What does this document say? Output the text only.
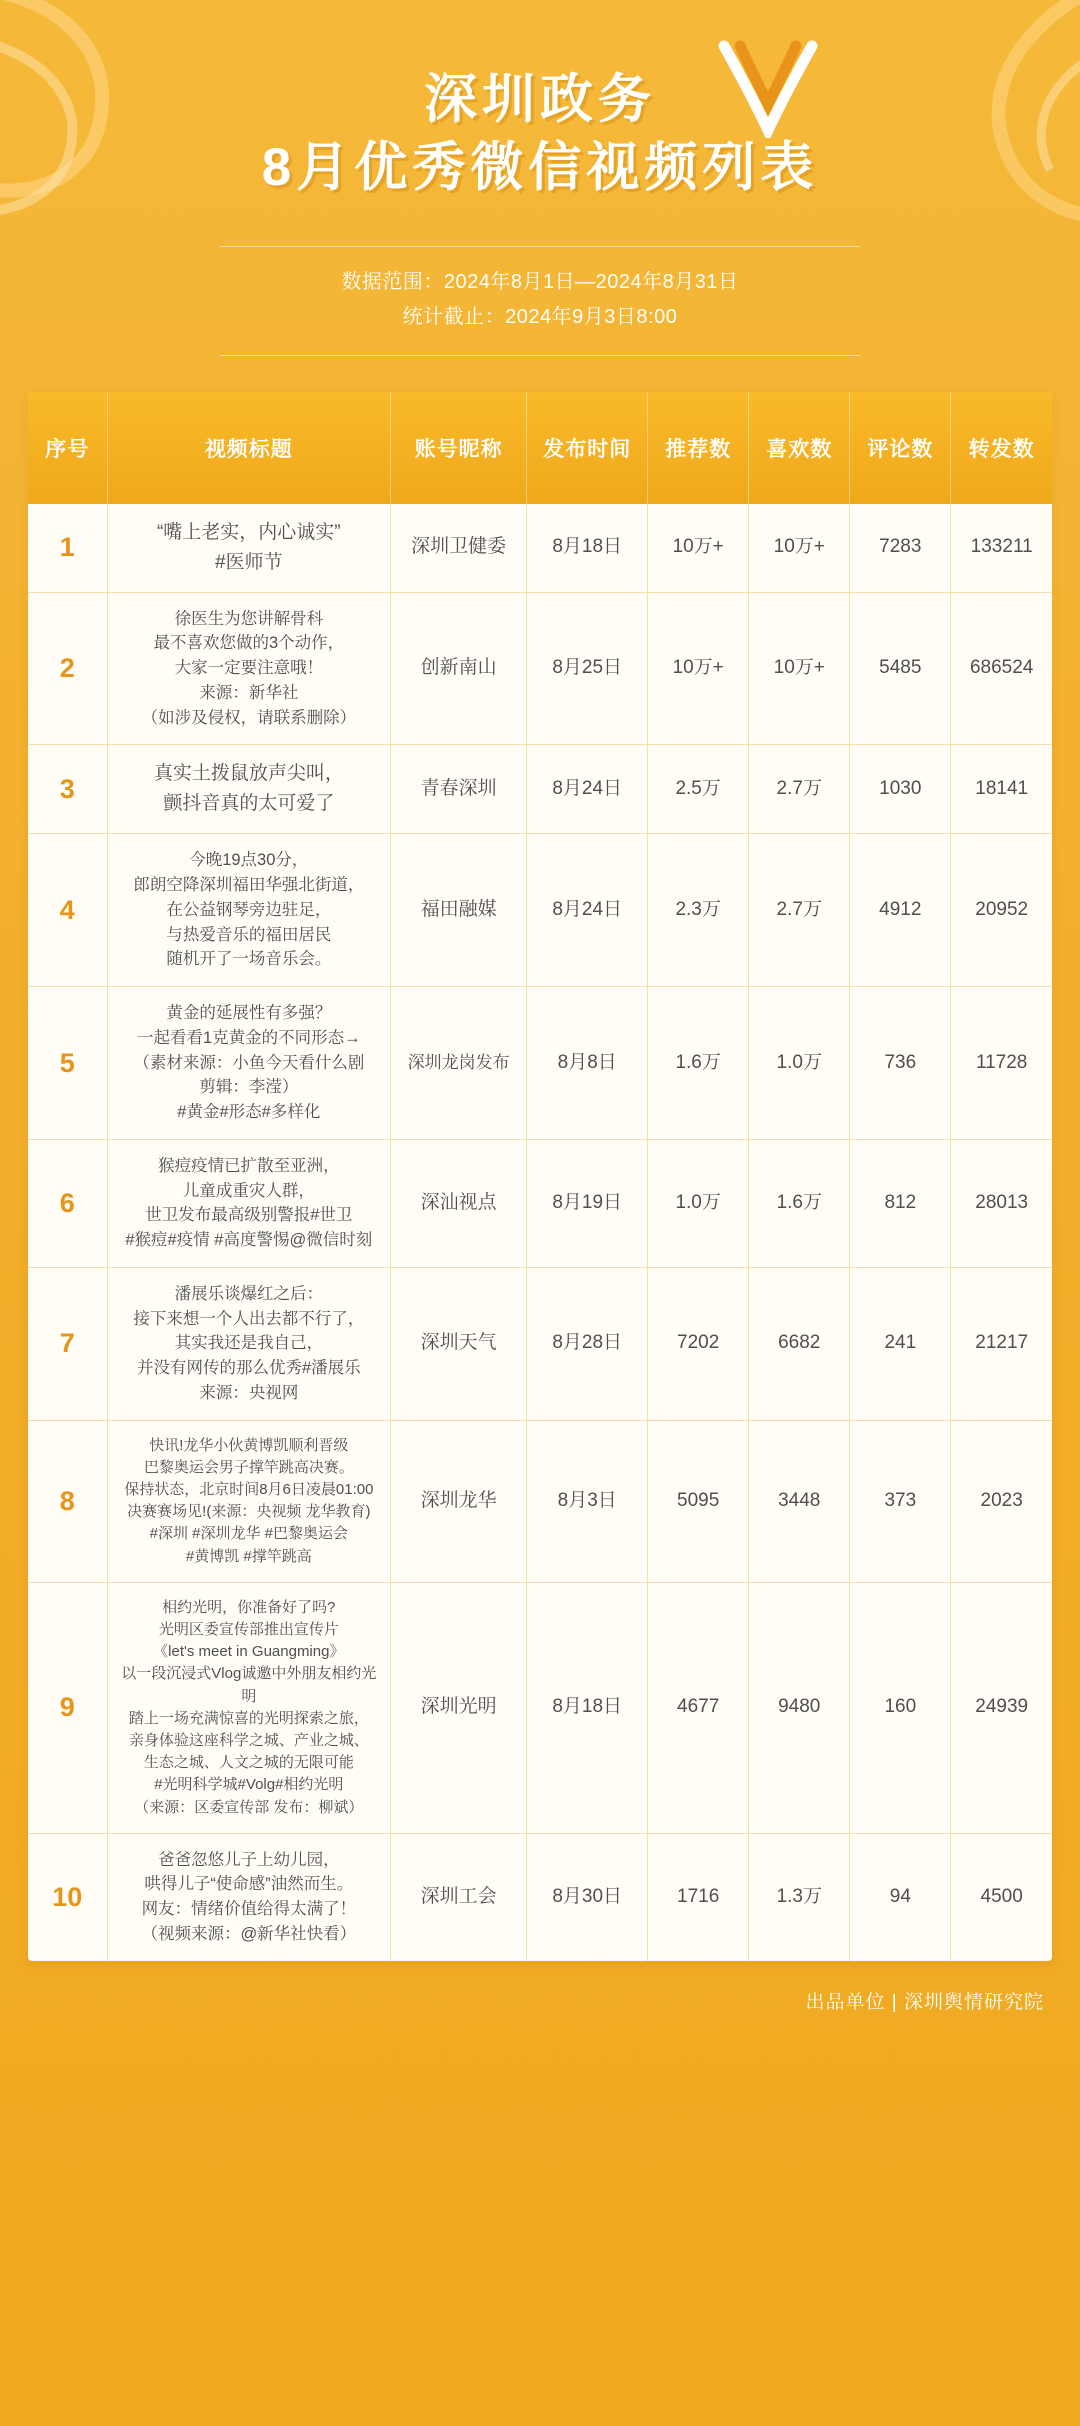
深圳政务
8月优秀微信视频列表
数据范围：2024年8月1日—2024年8月31日
统计截止：2024年9月3日8:00
序号	视频标题	账号昵称	发布时间	推荐数	喜欢数	评论数	转发数
1	“嘴上老实，内心诚实”
#医师节	深圳卫健委	8月18日	10万+	10万+	7283	133211
2	徐医生为您讲解骨科
最不喜欢您做的3个动作，
大家一定要注意哦！
来源：新华社
（如涉及侵权，请联系删除）	创新南山	8月25日	10万+	10万+	5485	686524
3	真实土拨鼠放声尖叫，
颤抖音真的太可爱了	青春深圳	8月24日	2.5万	2.7万	1030	18141
4	今晚19点30分，
郎朗空降深圳福田华强北街道，
在公益钢琴旁边驻足，
与热爱音乐的福田居民
随机开了一场音乐会。	福田融媒	8月24日	2.3万	2.7万	4912	20952
5	黄金的延展性有多强？
一起看看1克黄金的不同形态→
（素材来源：小鱼今天看什么剧
剪辑：李滢）
#黄金#形态#多样化	深圳龙岗发布	8月8日	1.6万	1.0万	736	11728
6	猴痘疫情已扩散至亚洲，
儿童成重灾人群，
世卫发布最高级别警报#世卫
#猴痘#疫情 #高度警惕@微信时刻	深汕视点	8月19日	1.0万	1.6万	812	28013
7	潘展乐谈爆红之后：
接下来想一个人出去都不行了，
其实我还是我自己，
并没有网传的那么优秀#潘展乐
来源：央视网	深圳天气	8月28日	7202	6682	241	21217
8	快讯!龙华小伙黄博凯顺利晋级
巴黎奥运会男子撑竿跳高决赛。
保持状态，北京时间8月6日凌晨01:00
决赛赛场见!(来源：央视频 龙华教育)
#深圳 #深圳龙华 #巴黎奥运会
#黄博凯 #撑竿跳高	深圳龙华	8月3日	5095	3448	373	2023
9	相约光明，你准备好了吗?
光明区委宣传部推出宣传片
《let's meet in Guangming》
以一段沉浸式Vlog诚邀中外朋友相约光明
踏上一场充满惊喜的光明探索之旅，
亲身体验这座科学之城、产业之城、
生态之城、人文之城的无限可能
#光明科学城#Volg#相约光明
（来源：区委宣传部 发布：柳斌）	深圳光明	8月18日	4677	9480	160	24939
10	爸爸忽悠儿子上幼儿园，
哄得儿子“使命感”油然而生。
网友：情绪价值给得太满了！
（视频来源：@新华社快看）	深圳工会	8月30日	1716	1.3万	94	4500
出品单位 | 深圳舆情研究院
